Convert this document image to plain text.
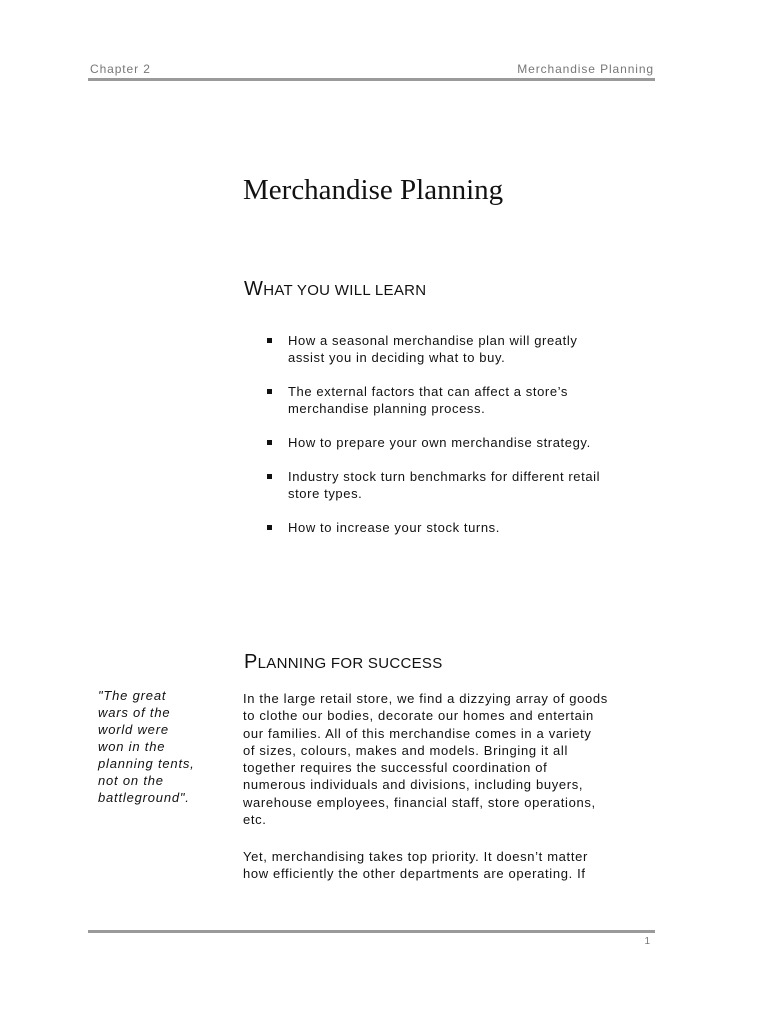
Chapter 2	Merchandise Planning
Merchandise Planning
WHAT YOU WILL LEARN
How a seasonal merchandise plan will greatly
assist you in deciding what to buy.
The external factors that can affect a store’s
merchandise planning process.
How to prepare your own merchandise strategy.
Industry stock turn benchmarks for different retail
store types.
How to increase your stock turns.
PLANNING FOR SUCCESS
"The great
wars of the
world were
won in the
planning tents,
not on the
battleground".

In the large retail store, we find a dizzying array of goods
to clothe our bodies, decorate our homes and entertain
our families. All of this merchandise comes in a variety
of sizes, colours, makes and models. Bringing it all
together requires the successful coordination of
numerous individuals and divisions, including buyers,
warehouse employees, financial staff, store operations,
etc.

Yet, merchandising takes top priority. It doesn’t matter
how efficiently the other departments are operating. If

1
